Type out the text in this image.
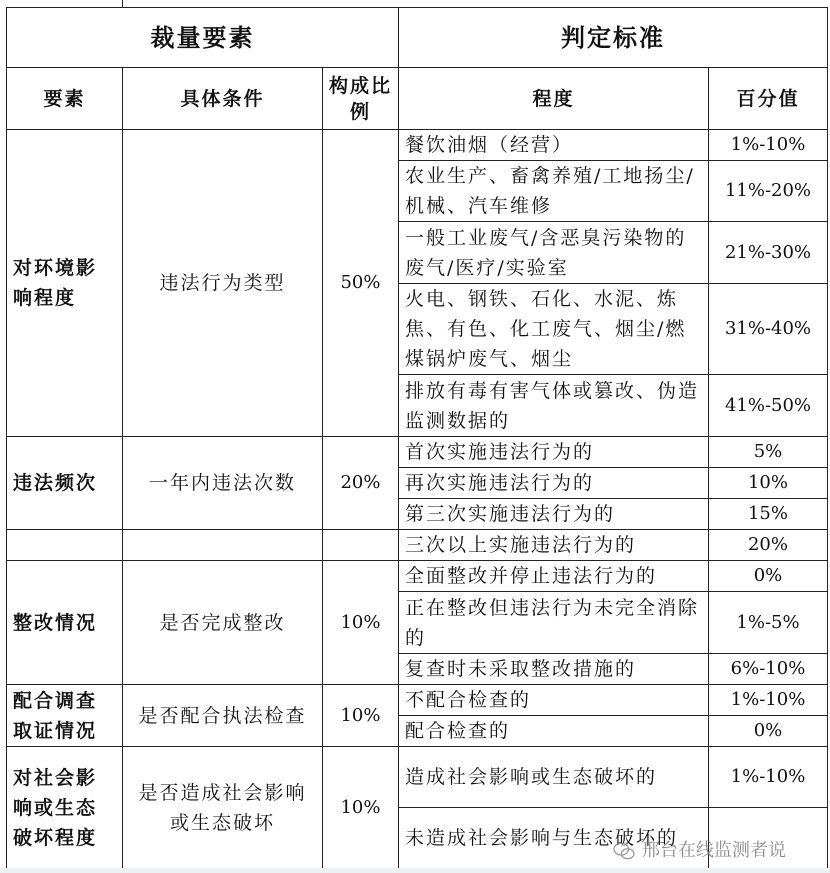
裁量要素			判定标准	
要素	具体条件	构成比例	程度	百分值
对环境影响程度	违法行为类型	50%	餐饮油烟（经营）	1%-10%
			农业生产、畜禽养殖/工地扬尘/机械、汽车维修	11%-20%
			一般工业废气/含恶臭污染物的废气/医疗/实验室	21%-30%
			火电、钢铁、石化、水泥、炼焦、有色、化工废气、烟尘/燃煤锅炉废气、烟尘	31%-40%
			排放有毒有害气体或篡改、伪造监测数据的	41%-50%
违法频次	一年内违法次数	20%	首次实施违法行为的	5%
			再次实施违法行为的	10%
			第三次实施违法行为的	15%
			三次以上实施违法行为的	20%
整改情况	是否完成整改	10%	全面整改并停止违法行为的	0%
			正在整改但违法行为未完全消除的	1%-5%
			复查时未采取整改措施的	6%-10%
配合调查取证情况	是否配合执法检查	10%	不配合检查的	1%-10%
			配合检查的	0%
对社会影响或生态破坏程度	是否造成社会影响或生态破坏	10%	造成社会影响或生态破坏的	1%-10%
			未造成社会影响与生态破坏的	
邢台在线监测者说
